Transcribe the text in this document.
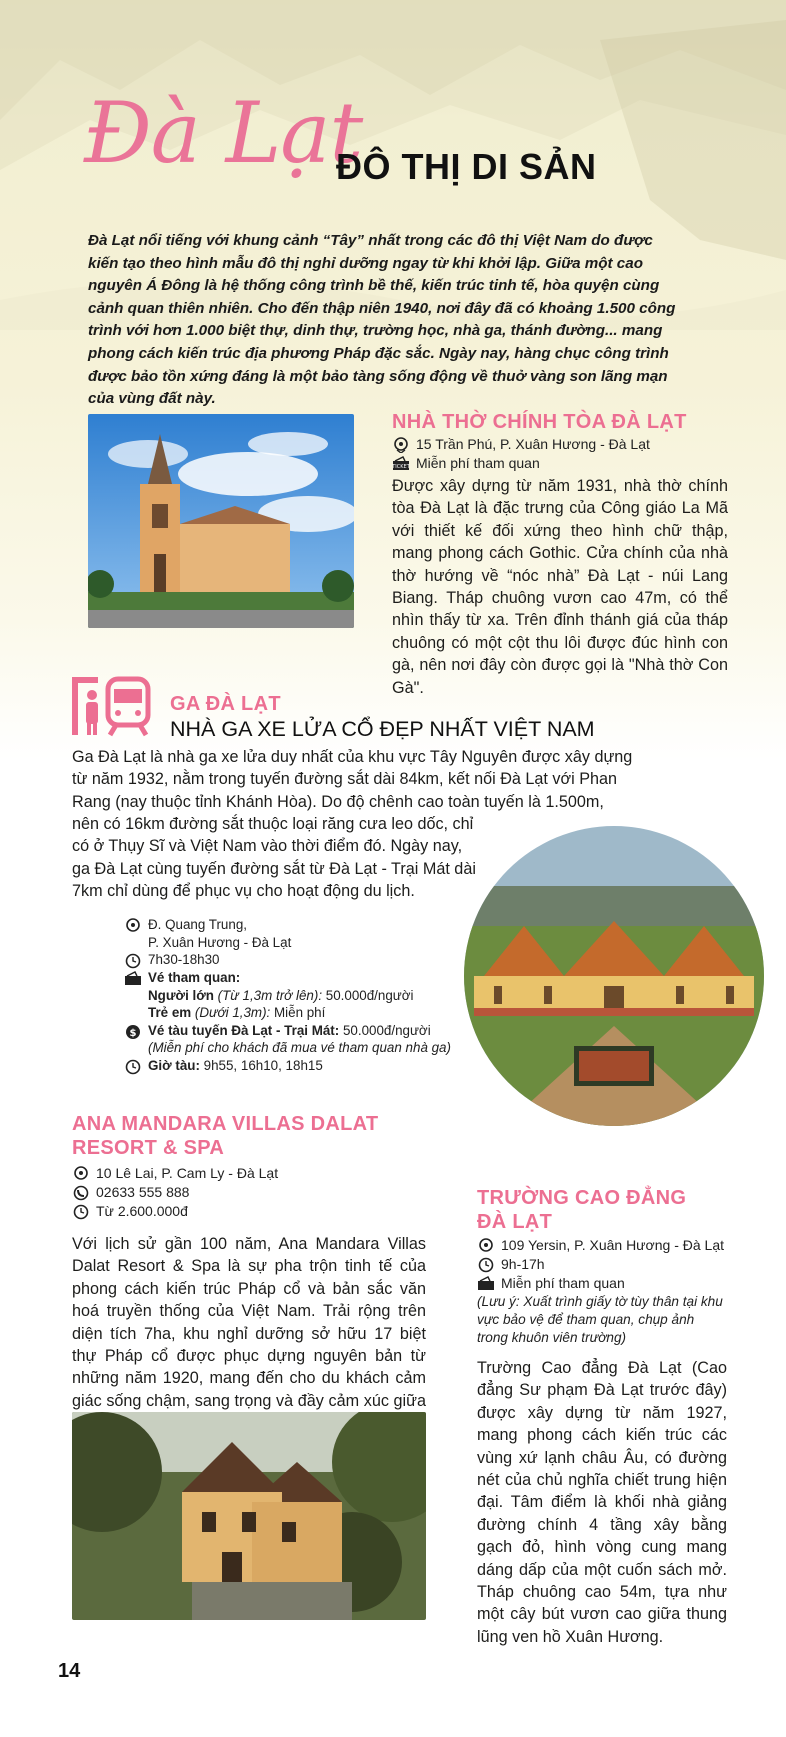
Đà Lạt
ĐÔ THỊ DI SẢN
Đà Lạt nổi tiếng với khung cảnh “Tây” nhất trong các đô thị Việt Nam do được kiến tạo theo hình mẫu đô thị nghỉ dưỡng ngay từ khi khởi lập. Giữa một cao nguyên Á Đông là hệ thống công trình bề thế, kiến trúc tinh tế, hòa quyện cùng cảnh quan thiên nhiên. Cho đến thập niên 1940, nơi đây đã có khoảng 1.500 công trình với hơn 1.000 biệt thự, dinh thự, trường học, nhà ga, thánh đường... mang phong cách kiến trúc địa phương Pháp đặc sắc. Ngày nay, hàng chục công trình được bảo tồn xứng đáng là một bảo tàng sống động về thuở vàng son lãng mạn của vùng đất này.
NHÀ THỜ CHÍNH TÒA ĐÀ LẠT
15 Trần Phú, P. Xuân Hương - Đà Lạt
TICKET Miễn phí tham quan
Được xây dựng từ năm 1931, nhà thờ chính tòa Đà Lạt là đặc trưng của Công giáo La Mã với thiết kế đối xứng theo hình chữ thập, mang phong cách Gothic. Cửa chính của nhà thờ hướng về “nóc nhà” Đà Lạt - núi Lang Biang. Tháp chuông vươn cao 47m, có thể nhìn thấy từ xa. Trên đỉnh thánh giá của tháp chuông có một cột thu lôi được đúc hình con gà, nên nơi đây còn được gọi là "Nhà thờ Con Gà".
GA ĐÀ LẠT
NHÀ GA XE LỬA CỔ ĐẸP NHẤT VIỆT NAM
Ga Đà Lạt là nhà ga xe lửa duy nhất của khu vực Tây Nguyên được xây dựng từ năm 1932, nằm trong tuyến đường sắt dài 84km, kết nối Đà Lạt với Phan Rang (nay thuộc tỉnh Khánh Hòa). Do độ chênh cao toàn tuyến là 1.500m,
nên có 16km đường sắt thuộc loại răng cưa leo dốc, chỉ có ở Thụy Sĩ và Việt Nam vào thời điểm đó. Ngày nay, ga Đà Lạt cùng tuyến đường sắt từ Đà Lạt - Trại Mát dài 7km chỉ dùng để phục vụ cho hoạt động du lịch.
Đ. Quang Trung,
P. Xuân Hương - Đà Lạt
7h30-18h30
Vé tham quan:
Người lớn (Từ 1,3m trở lên): 50.000đ/người
Trẻ em (Dưới 1,3m): Miễn phí
$ Vé tàu tuyến Đà Lạt - Trại Mát: 50.000đ/người
(Miễn phí cho khách đã mua vé tham quan nhà ga)
Giờ tàu: 9h55, 16h10, 18h15
ANA MANDARA VILLAS DALAT
RESORT & SPA
10 Lê Lai, P. Cam Ly - Đà Lạt
02633 555 888
Từ 2.600.000đ
Với lịch sử gần 100 năm, Ana Mandara Villas Dalat Resort & Spa là sự pha trộn tinh tế của phong cách kiến trúc Pháp cổ và bản sắc văn hoá truyền thống của Việt Nam. Trải rộng trên diện tích 7ha, khu nghỉ dưỡng sở hữu 17 biệt thự Pháp cổ được phục dựng nguyên bản từ những năm 1920, mang đến cho du khách cảm giác sống chậm, sang trọng và đầy cảm xúc giữa
TRƯỜNG CAO ĐẲNG
ĐÀ LẠT
109 Yersin, P. Xuân Hương - Đà Lạt
9h-17h
Miễn phí tham quan
(Lưu ý: Xuất trình giấy tờ tùy thân tại khu vực bảo vệ để tham quan, chụp ảnh trong khuôn viên trường)
Trường Cao đẳng Đà Lạt (Cao đẳng Sư phạm Đà Lạt trước đây) được xây dựng từ năm 1927, mang phong cách kiến trúc các vùng xứ lạnh châu Âu, có đường nét của chủ nghĩa chiết trung hiện đại. Tâm điểm là khối nhà giảng đường chính 4 tầng xây bằng gạch đỏ, hình vòng cung mang dáng dấp của một cuốn sách mở. Tháp chuông cao 54m, tựa như một cây bút vươn cao giữa thung lũng ven hồ Xuân Hương.
14
